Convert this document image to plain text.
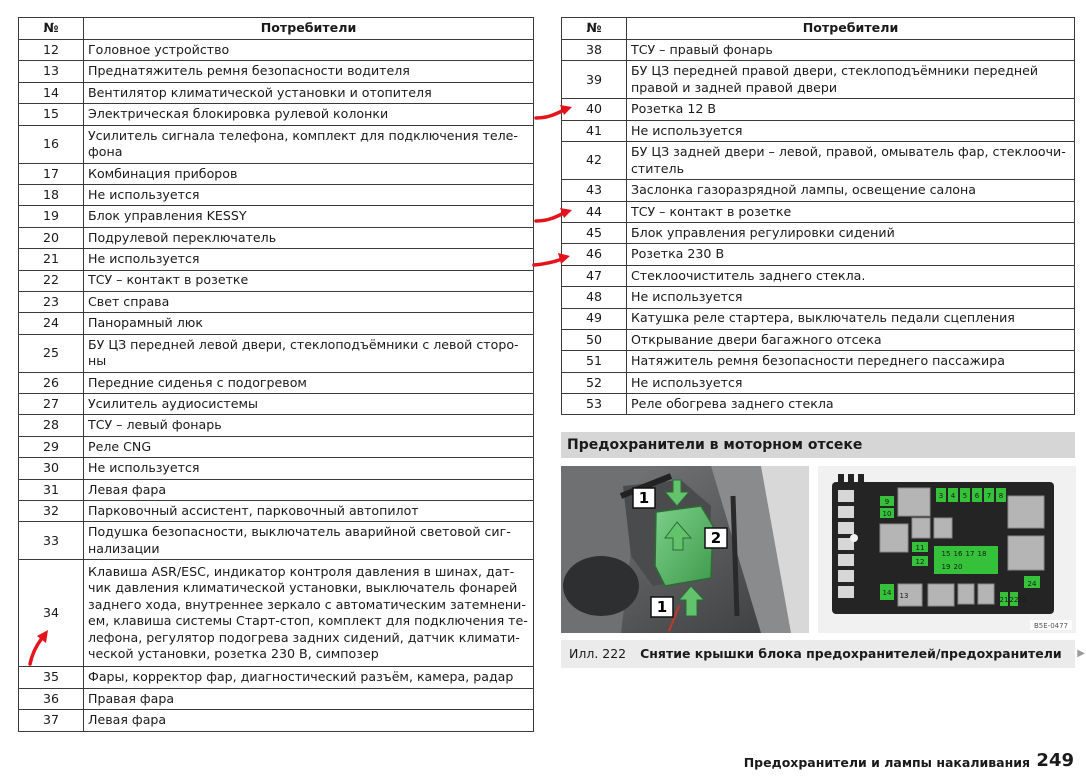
№	Потребители
12	Головное устройство
13	Преднатяжитель ремня безопасности водителя
14	Вентилятор климатической установки и отопителя
15	Электрическая блокировка рулевой колонки
16	Усилитель сигнала телефона, комплект для подключения теле-фона
17	Комбинация приборов
18	Не используется
19	Блок управления KESSY
20	Подрулевой переключатель
21	Не используется
22	ТСУ – контакт в розетке
23	Свет справа
24	Панорамный люк
25	БУ ЦЗ передней левой двери, стеклоподъёмники с левой сторо-ны
26	Передние сиденья с подогревом
27	Усилитель аудиосистемы
28	ТСУ – левый фонарь
29	Реле CNG
30	Не используется
31	Левая фара
32	Парковочный ассистент, парковочный автопилот
33	Подушка безопасности, выключатель аварийной световой сиг-нализации
34	Клавиша ASR/ESC, индикатор контроля давления в шинах, дат-чик давления климатической установки, выключатель фонарей заднего хода, внутреннее зеркало с автоматическим затемнени-ем, клавиша системы Старт-стоп, комплект для подключения те-лефона, регулятор подогрева задних сидений, датчик климати-ческой установки, розетка 230 В, симпозер
35	Фары, корректор фар, диагностический разъём, камера, радар
36	Правая фара
37	Левая фара
№	Потребители
38	ТСУ – правый фонарь
39	БУ ЦЗ передней правой двери, стеклоподъёмники передней правой и задней правой двери
40	Розетка 12 В
41	Не используется
42	БУ ЦЗ задней двери – левой, правой, омыватель фар, стеклоочи-ститель
43	Заслонка газоразрядной лампы, освещение салона
44	ТСУ – контакт в розетке
45	Блок управления регулировки сидений
46	Розетка 230 В
47	Стеклоочиститель заднего стекла.
48	Не используется
49	Катушка реле стартера, выключатель педали сцепления
50	Открывание двери багажного отсека
51	Натяжитель ремня безопасности переднего пассажира
52	Не используется
53	Реле обогрева заднего стекла
Предохранители в моторном отсеке
1
2
1
3 4 5 6 7 8
9
10
11
12
15 16 17 18
19 20
24
14 13	21 22 23
B5E-0477
Илл. 222 Снятие крышки блока предохранителей/предохранители ▶
Предохранители и лампы накаливания 249
